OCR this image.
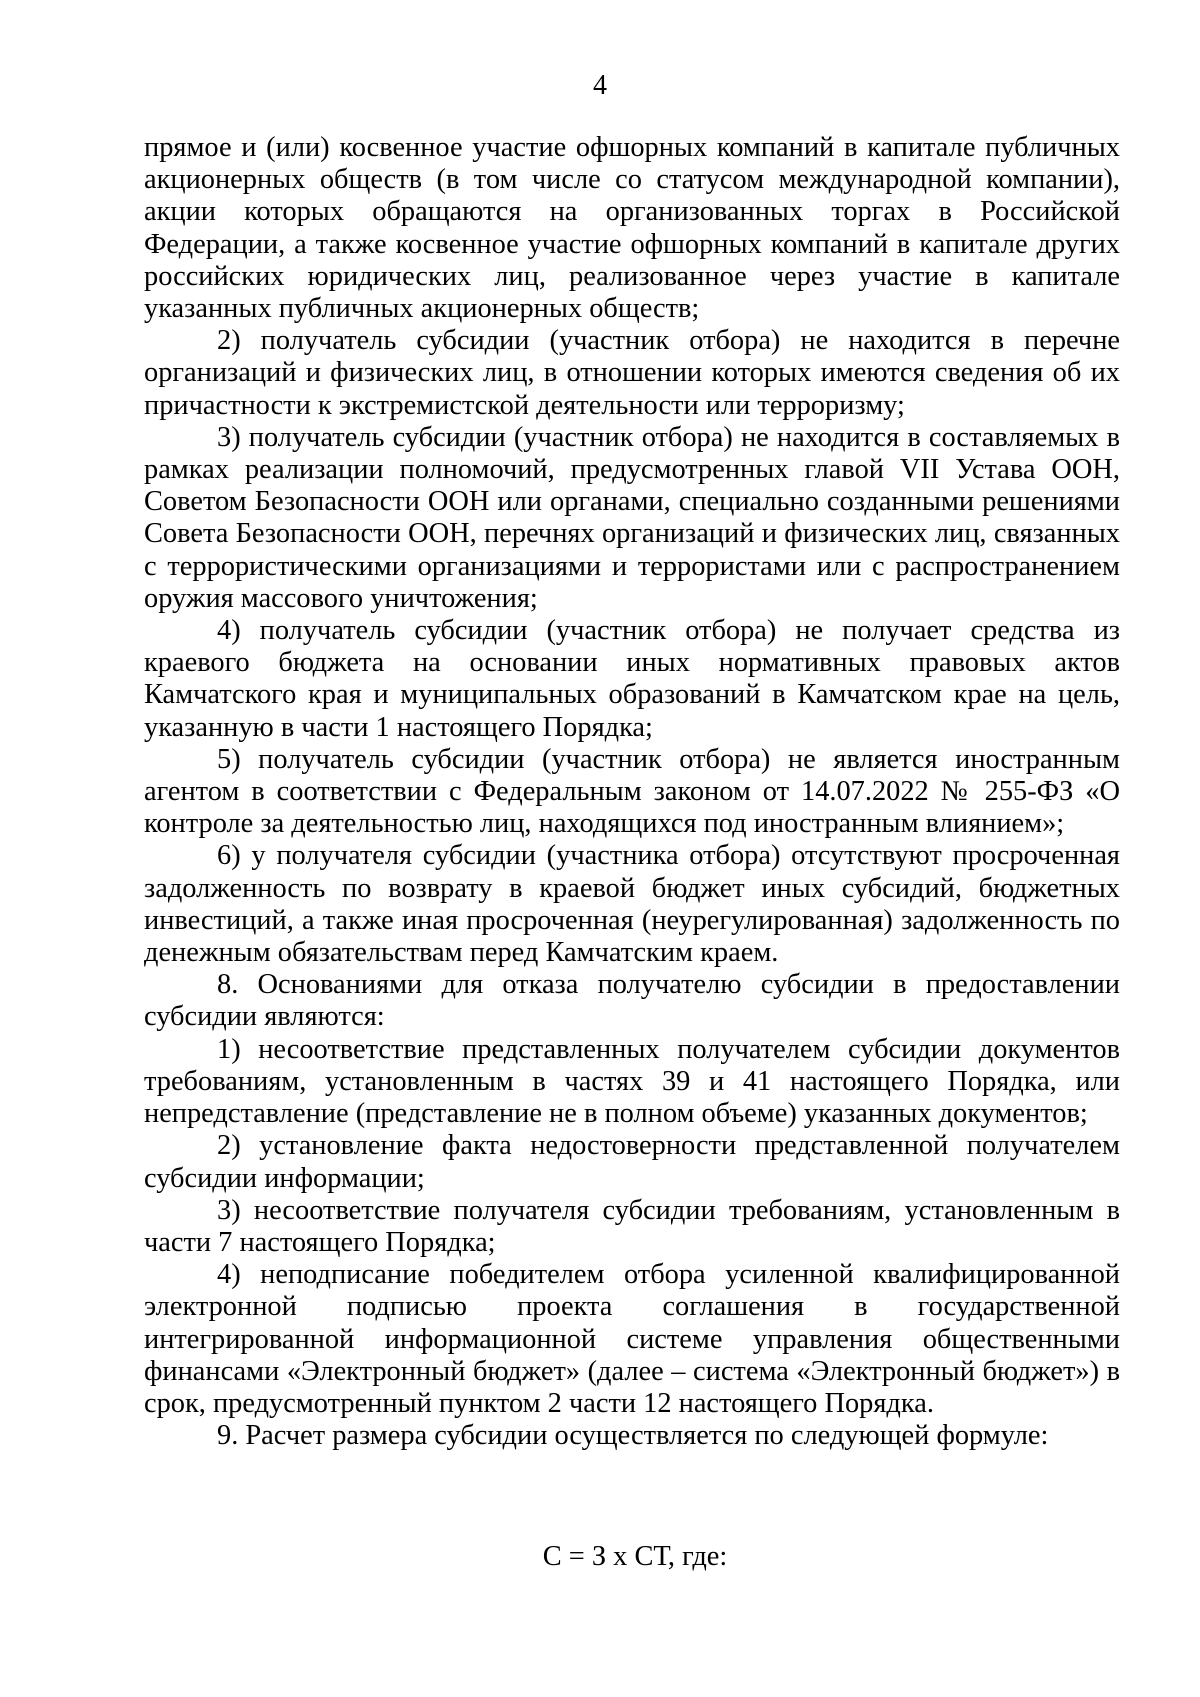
4

прямое и (или) косвенное участие офшорных компаний в капитале публичных акционерных обществ (в том числе со статусом международной компании), акции которых обращаются на организованных торгах в Российской Федерации, а также косвенное участие офшорных компаний в капитале других российских юридических лиц, реализованное через участие в капитале указанных публичных акционерных обществ;

2) получатель субсидии (участник отбора) не находится в перечне организаций и физических лиц, в отношении которых имеются сведения об их причастности к экстремистской деятельности или терроризму;

3) получатель субсидии (участник отбора) не находится в составляемых в рамках реализации полномочий, предусмотренных главой VII Устава ООН, Советом Безопасности ООН или органами, специально созданными решениями Совета Безопасности ООН, перечнях организаций и физических лиц, связанных с террористическими организациями и террористами или с распространением оружия массового уничтожения;

4) получатель субсидии (участник отбора) не получает средства из краевого бюджета на основании иных нормативных правовых актов Камчатского края и муниципальных образований в Камчатском крае на цель, указанную в части 1 настоящего Порядка;

5) получатель субсидии (участник отбора) не является иностранным агентом в соответствии с Федеральным законом от 14.07.2022 № 255-ФЗ «О контроле за деятельностью лиц, находящихся под иностранным влиянием»;

6) у получателя субсидии (участника отбора) отсутствуют просроченная задолженность по возврату в краевой бюджет иных субсидий, бюджетных инвестиций, а также иная просроченная (неурегулированная) задолженность по денежным обязательствам перед Камчатским краем.

8. Основаниями для отказа получателю субсидии в предоставлении субсидии являются:

1) несоответствие представленных получателем субсидии документов требованиям, установленным в частях 39 и 41 настоящего Порядка, или непредставление (представление не в полном объеме) указанных документов;

2) установление факта недостоверности представленной получателем субсидии информации;

3) несоответствие получателя субсидии требованиям, установленным в части 7 настоящего Порядка;

4) неподписание победителем отбора усиленной квалифицированной электронной подписью проекта соглашения в государственной интегрированной информационной системе управления общественными финансами «Электронный бюджет» (далее – система «Электронный бюджет») в срок, предусмотренный пунктом 2 части 12 настоящего Порядка.

9. Расчет размера субсидии осуществляется по следующей формуле:

С = З х СТ, где:
